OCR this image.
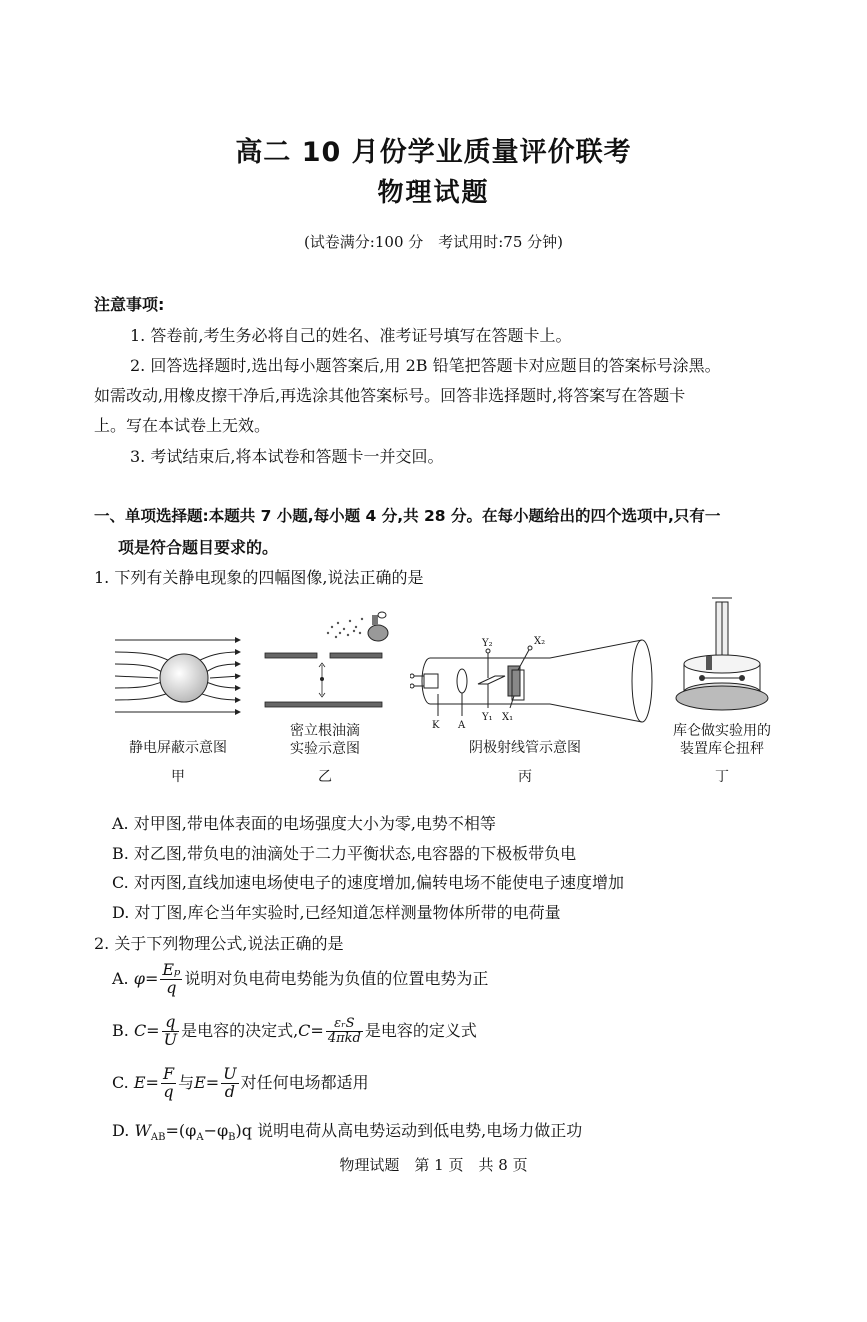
高二 10 月份学业质量评价联考
物理试题
(试卷满分:100 分　考试用时:75 分钟)
注意事项:
1. 答卷前,考生务必将自己的姓名、准考证号填写在答题卡上。
2. 回答选择题时,选出每小题答案后,用 2B 铅笔把答题卡对应题目的答案标号涂黑。
如需改动,用橡皮擦干净后,再选涂其他答案标号。回答非选择题时,将答案写在答题卡
上。写在本试卷上无效。
3. 考试结束后,将本试卷和答题卡一并交回。
一、单项选择题:本题共 7 小题,每小题 4 分,共 28 分。在每小题给出的四个选项中,只有一
项是符合题目要求的。
1. 下列有关静电现象的四幅图像,说法正确的是
静电屏蔽示意图
甲
密立根油滴
实验示意图
乙
K A
Y₂	X₂
Y₁ X₁
阴极射线管示意图
丙
库仑做实验用的
装置库仑扭秤
丁
A. 对甲图,带电体表面的电场强度大小为零,电势不相等
B. 对乙图,带负电的油滴处于二力平衡状态,电容器的下极板带负电
C. 对丙图,直线加速电场使电子的速度增加,偏转电场不能使电子速度增加
D. 对丁图,库仑当年实验时,已经知道怎样测量物体所带的电荷量
2. 关于下列物理公式,说法正确的是
A. $\varphi= \frac{\text{Eₚ}}{q}$ 说明对负电荷电势能为负值的位置电势为正
B. $C= \frac{q}{U}$ 是电容的决定式$,C= \frac{\text{εᵣS}}{\text{4πkd}}$ 是电容的定义式
C. $E= \frac{F}{q}$ 与$E= \frac{U}{d}$ 对任何电场都适用
D. $W_{AB}=(\varphi_A-\varphi_B)q$ 说明电荷从高电势运动到低电势,电场力做正功
物理试题　第 1 页　共 8 页
